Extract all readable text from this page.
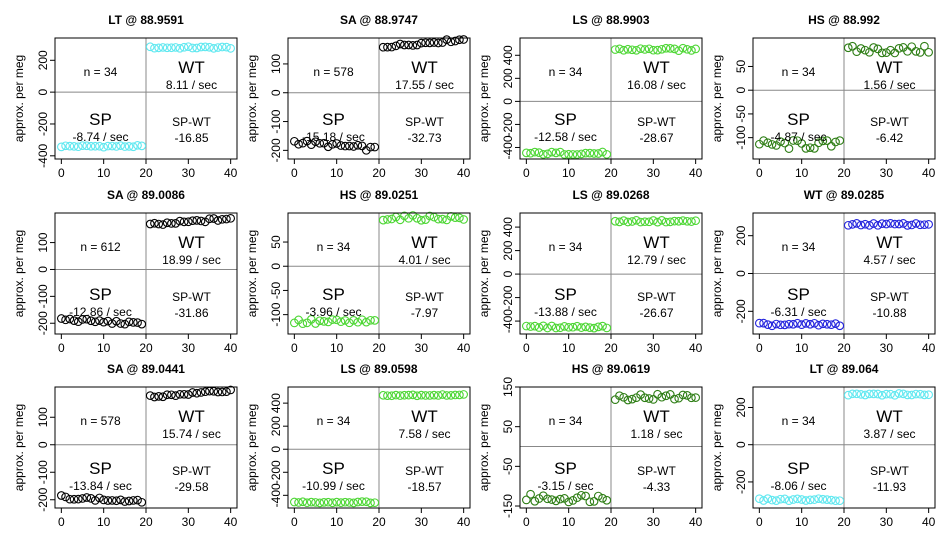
LT @ 88.9591
approx. per meg	n = 34	WT
8.11 / sec
SP
-8.74 / sec
SP-WT
-16.85
0	10 20 30 40
-400
-200
0
200
SA @ 88.9747
approx. per meg	n = 578	WT
17.55 / sec
SP
-15.18 / sec
SP-WT
-32.73
0	10 20 30 40
-200
-100
0
100
LS @ 88.9903
approx. per meg	n = 34	WT
16.08 / sec
SP
-12.58 / sec
SP-WT
-28.67
0	10 20 30 40
-400
-200
0
200
400
HS @ 88.992
approx. per meg	n = 34	WT
1.56 / sec
SP
-4.87 / sec
SP-WT
-6.42
0	10 20 30 40
-100
-50
0
50
SA @ 89.0086
approx. per meg	n = 612	WT
18.99 / sec
SP
-12.86 / sec
SP-WT
-31.86
0	10 20 30 40
-200
-100
0
100
HS @ 89.0251
approx. per meg	n = 34	WT
4.01 / sec
SP
-3.96 / sec
SP-WT
-7.97
0	10 20 30 40
-100
-50
0
50
LS @ 89.0268
approx. per meg	n = 34	WT
12.79 / sec
SP
-13.88 / sec
SP-WT
-26.67
0	10 20 30 40
-400
-200
0
200
400
WT @ 89.0285
approx. per meg	n = 34	WT
4.57 / sec
SP
-6.31 / sec
SP-WT
-10.88
0	10 20 30 40
-200
0
200
SA @ 89.0441
approx. per meg	n = 578	WT
15.74 / sec
SP
-13.84 / sec
SP-WT
-29.58
0	10 20 30 40
-200
-100
0
100
LS @ 89.0598
approx. per meg	n = 34	WT
7.58 / sec
SP
-10.99 / sec
SP-WT
-18.57
0	10 20 30 40
-400
-200
0
200
400
HS @ 89.0619
approx. per meg	n = 34	WT
1.18 / sec
SP
-3.15 / sec
SP-WT
-4.33
0	10 20 30 40
-150
-50
50
150
LT @ 89.064
approx. per meg	n = 34	WT
3.87 / sec
SP
-8.06 / sec
SP-WT
-11.93
0	10 20 30 40
-200
0
200
